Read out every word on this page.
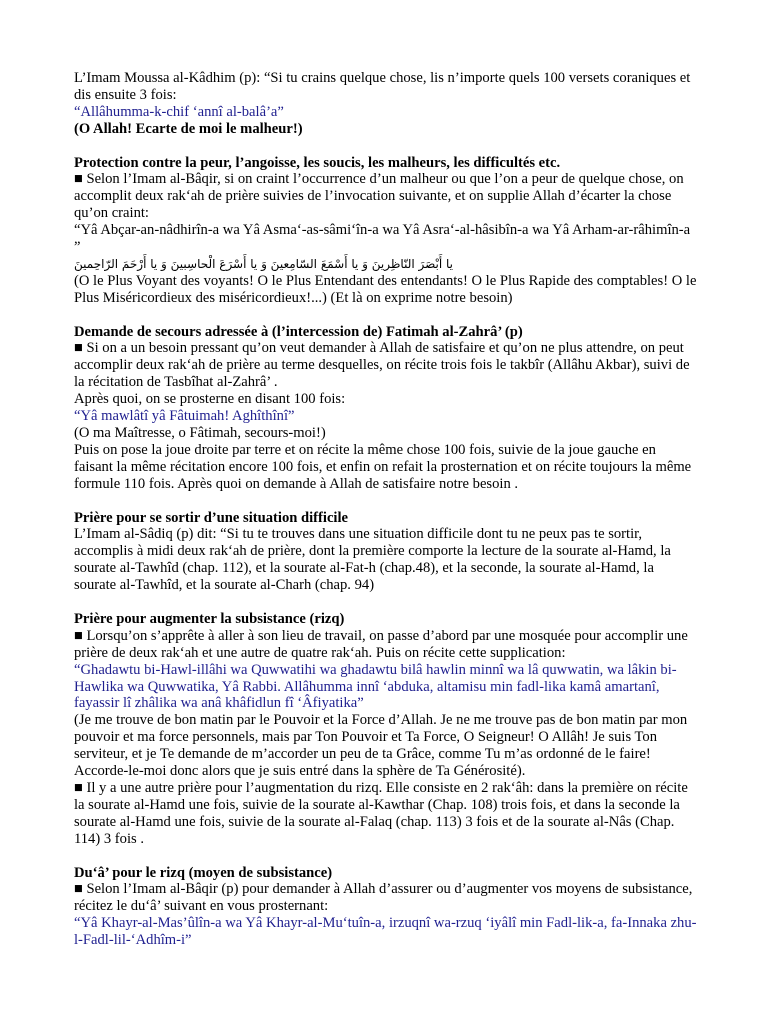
L’Imam Moussa al-Kâdhim (p): “Si tu crains quelque chose, lis n’importe quels 100 versets coraniques et dis ensuite 3 fois:

“Allâhumma-k-chif ‘annî al-balâ’a”

(O Allah! Ecarte de moi le malheur!)

Protection contre la peur, l’angoisse, les soucis, les malheurs, les difficultés etc.

■ Selon l’Imam al-Bâqir, si on craint l’occurrence d’un malheur ou que l’on a peur de quelque chose, on accomplit deux rak‘ah de prière suivies de l’invocation suivante, et on supplie Allah d’écarter la chose qu’on craint:

“Yâ Abçar-an-nâdhirîn-a wa Yâ Asma‘-as-sâmi‘în-a wa Yâ Asra‘-al-hâsibîn-a wa Yâ Arham-ar-râhimîn-a ”

يا أَبْصَرَ النّاظِرينَ وَ يا أَسْمَعَ السّامِعينَ وَ يا أَسْرَعَ الْحاسِبينَ وَ يا أَرْحَمَ الرّاحِمينَ

(O le Plus Voyant des voyants! O le Plus Entendant des entendants! O le Plus Rapide des comptables! O le Plus Miséricordieux des miséricordieux!...) (Et là on exprime notre besoin)

Demande de secours adressée à (l’intercession de) Fatimah al-Zahrâ’ (p)

■ Si on a un besoin pressant qu’on veut demander à Allah de satisfaire et qu’on ne plus attendre, on peut accomplir deux rak‘ah de prière au terme desquelles, on récite trois fois le takbîr (Allâhu Akbar), suivi de la récitation de Tasbîhat al-Zahrâ’ .

Après quoi, on se prosterne en disant 100 fois:

“Yâ mawlâtî yâ Fâtuimah! Aghîthînî”

(O ma Maîtresse, o Fâtimah, secours-moi!)

Puis on pose la joue droite par terre et on récite la même chose 100 fois, suivie de la joue gauche en faisant la même récitation encore 100 fois, et enfin on refait la prosternation et on récite toujours la même formule 110 fois. Après quoi on demande à Allah de satisfaire notre besoin .

Prière pour se sortir d’une situation difficile

L’Imam al-Sâdiq (p) dit: “Si tu te trouves dans une situation difficile dont tu ne peux pas te sortir, accomplis à midi deux rak‘ah de prière, dont la première comporte la lecture de la sourate al-Hamd, la sourate al-Tawhîd (chap. 112), et la sourate al-Fat-h (chap.48), et la seconde, la sourate al-Hamd, la sourate al-Tawhîd, et la sourate al-Charh (chap. 94)

Prière pour augmenter la subsistance (rizq)

■ Lorsqu’on s’apprête à aller à son lieu de travail, on passe d’abord par une mosquée pour accomplir une prière de deux rak‘ah et une autre de quatre rak‘ah. Puis on récite cette supplication:

“Ghadawtu bi-Hawl-illâhi wa Quwwatihi wa ghadawtu bilâ hawlin minnî wa lâ quwwatin, wa lâkin bi-Hawlika wa Quwwatika, Yâ Rabbi. Allâhumma innî ‘abduka, altamisu min fadl-lika kamâ amartanî, fayassir lî zhâlika wa anâ khâfidlun fî ‘Âfiyatika”

(Je me trouve de bon matin par le Pouvoir et la Force d’Allah. Je ne me trouve pas de bon matin par mon pouvoir et ma force personnels, mais par Ton Pouvoir et Ta Force, O Seigneur! O Allâh! Je suis Ton serviteur, et je Te demande de m’accorder un peu de ta Grâce, comme Tu m’as ordonné de le faire! Accorde-le-moi donc alors que je suis entré dans la sphère de Ta Générosité).

■ Il y a une autre prière pour l’augmentation du rizq. Elle consiste en 2 rak‘âh: dans la première on récite la sourate al-Hamd une fois, suivie de la sourate al-Kawthar (Chap. 108) trois fois, et dans la seconde la sourate al-Hamd une fois, suivie de la sourate al-Falaq (chap. 113) 3 fois et de la sourate al-Nâs (Chap. 114) 3 fois .

Du‘â’ pour le rizq (moyen de subsistance)

■ Selon l’Imam al-Bâqir (p) pour demander à Allah d’assurer ou d’augmenter vos moyens de subsistance, récitez le du‘â’ suivant en vous prosternant:

“Yâ Khayr-al-Mas’ûlîn-a wa Yâ Khayr-al-Mu‘tuîn-a, irzuqnî wa-rzuq ‘iyâlî min Fadl-lik-a, fa-Innaka zhu-l-Fadl-lil-‘Adhîm-i”
